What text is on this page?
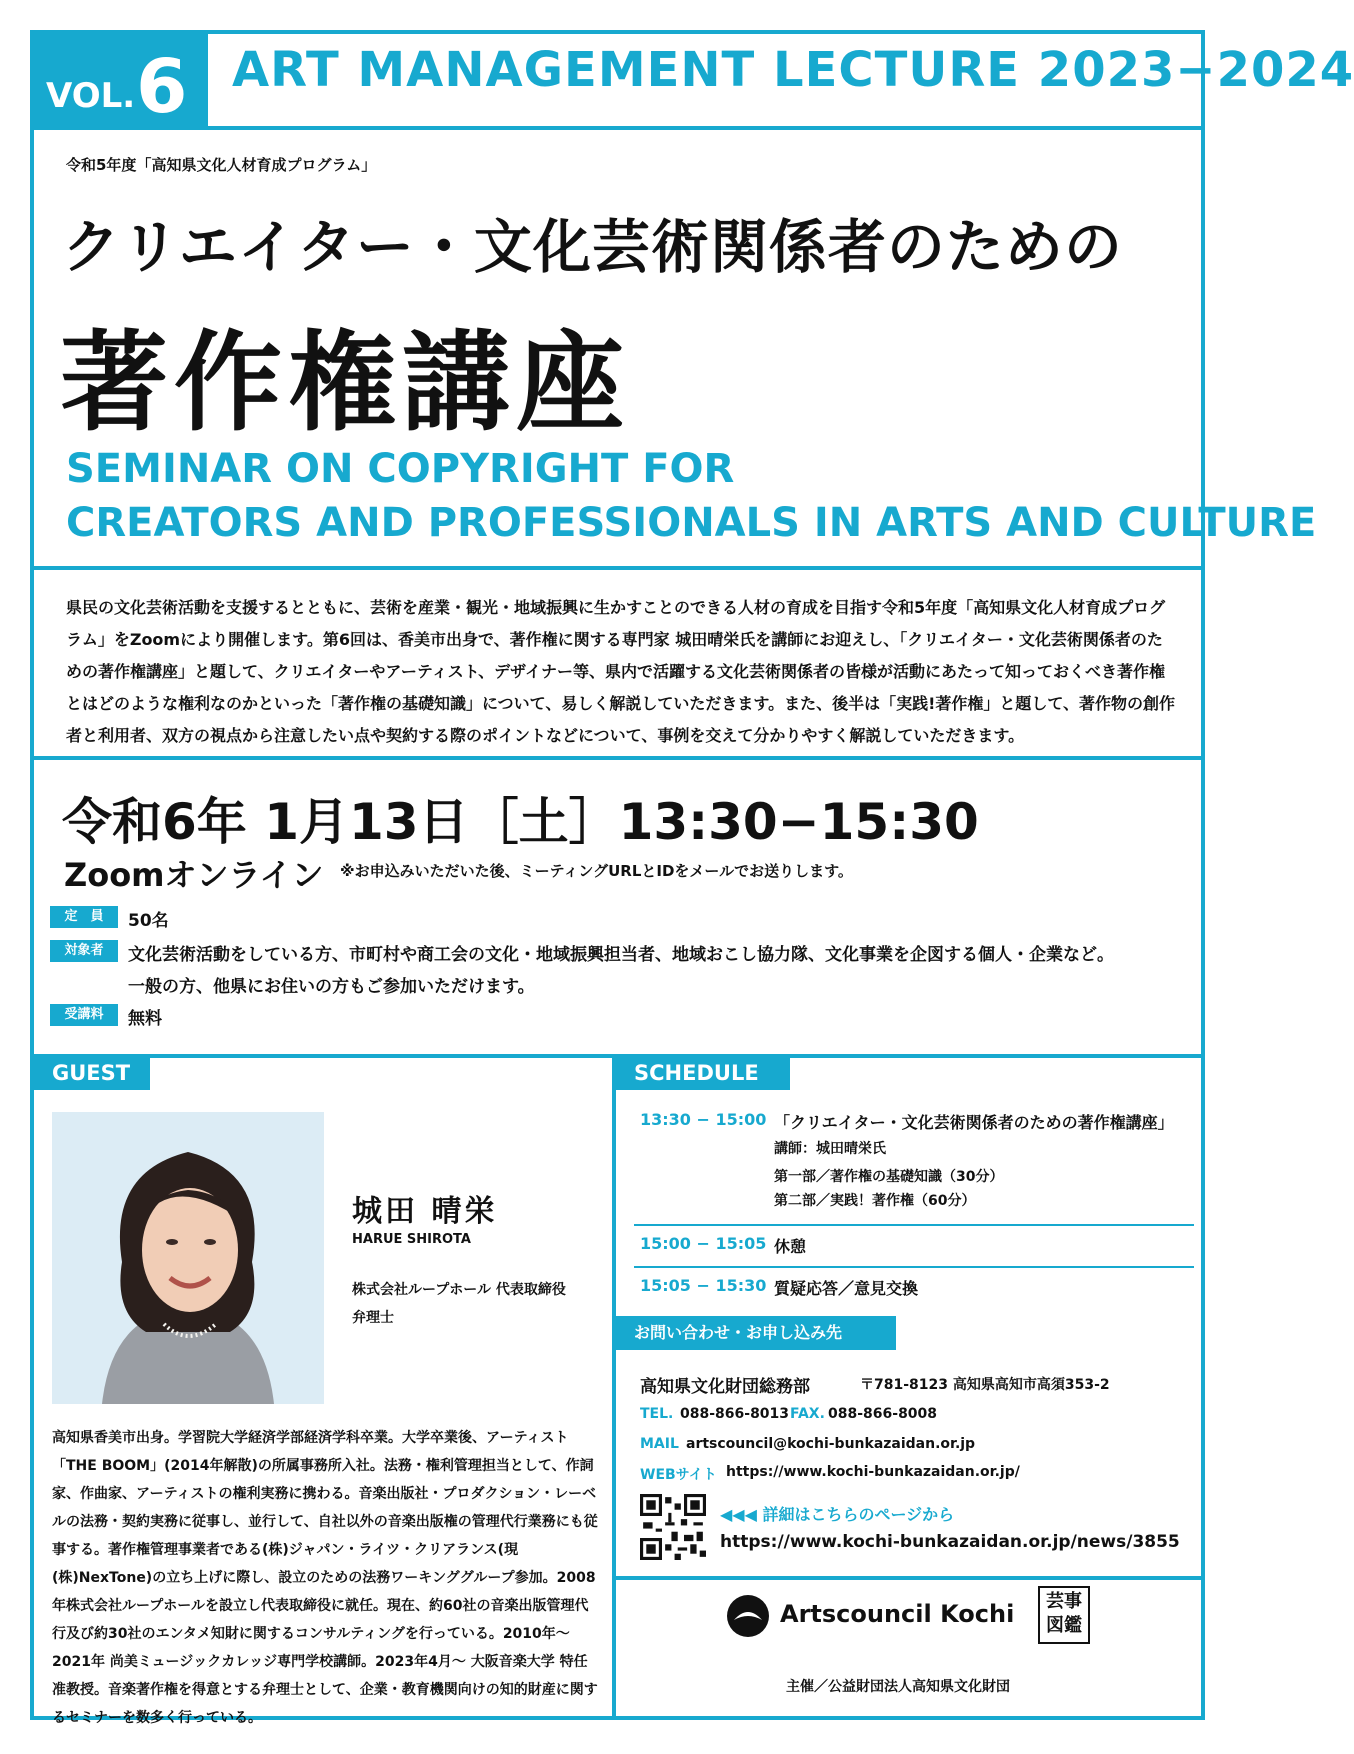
VOL. 6 ART MANAGEMENT LECTURE 2023−2024
令和5年度「高知県文化人材育成プログラム」
クリエイター・文化芸術関係者のための
著作権講座
SEMINAR ON COPYRIGHT FOR
CREATORS AND PROFESSIONALS IN ARTS AND CULTURE
県民の文化芸術活動を支援するとともに、芸術を産業・観光・地域振興に生かすことのできる人材の育成を目指す令和5年度「高知県文化人材育成プログラム」をZoomにより開催します。第6回は、香美市出身で、著作権に関する専門家 城田晴栄氏を講師にお迎えし、「クリエイター・文化芸術関係者のための著作権講座」と題して、クリエイターやアーティスト、デザイナー等、県内で活躍する文化芸術関係者の皆様が活動にあたって知っておくべき著作権とはどのような権利なのかといった「著作権の基礎知識」について、易しく解説していただきます。また、後半は「実践!著作権」と題して、著作物の創作者と利用者、双方の視点から注意したい点や契約する際のポイントなどについて、事例を交えて分かりやすく解説していただきます。
令和6年 1月13日［土］13:30−15:30
Zoomオンライン ※お申込みいただいた後、ミーティングURLとIDをメールでお送りします。
定　員	50名
対象者	文化芸術活動をしている方、市町村や商工会の文化・地域振興担当者、地域おこし協力隊、文化事業を企図する個人・企業など。
一般の方、他県にお住いの方もご参加いただけます。
受講料	無料
GUEST
城田 晴栄
HARUE SHIROTA
株式会社ループホール 代表取締役
弁理士
高知県香美市出身。学習院大学経済学部経済学科卒業。大学卒業後、アーティスト「THE BOOM」(2014年解散)の所属事務所入社。法務・権利管理担当として、作詞家、作曲家、アーティストの権利実務に携わる。音楽出版社・プロダクション・レーベルの法務・契約実務に従事し、並行して、自社以外の音楽出版権の管理代行業務にも従事する。著作権管理事業者である(株)ジャパン・ライツ・クリアランス(現(株)NexTone)の立ち上げに際し、設立のための法務ワーキンググループ参加。2008年株式会社ループホールを設立し代表取締役に就任。現在、約60社の音楽出版管理代行及び約30社のエンタメ知財に関するコンサルティングを行っている。2010年〜2021年 尚美ミュージックカレッジ専門学校講師。2023年4月〜 大阪音楽大学 特任准教授。音楽著作権を得意とする弁理士として、企業・教育機関向けの知的財産に関するセミナーを数多く行っている。
SCHEDULE
13:30 − 15:00 「クリエイター・文化芸術関係者のための著作権講座」
講師：城田晴栄氏
第一部／著作権の基礎知識（30分）
第二部／実践！著作権（60分）
15:00 − 15:05 休憩
15:05 − 15:30 質疑応答／意見交換
お問い合わせ・お申し込み先
高知県文化財団総務部	〒781-8123 高知県高知市高須353-2
TEL. 088-866-8013 FAX. 088-866-8008
MAIL artscouncil@kochi-bunkazaidan.or.jp
WEBサイト https://www.kochi-bunkazaidan.or.jp/
◀◀◀ 詳細はこちらのページから
https://www.kochi-bunkazaidan.or.jp/news/3855
Artscouncil Kochi 芸事図鑑
主催／公益財団法人高知県文化財団
